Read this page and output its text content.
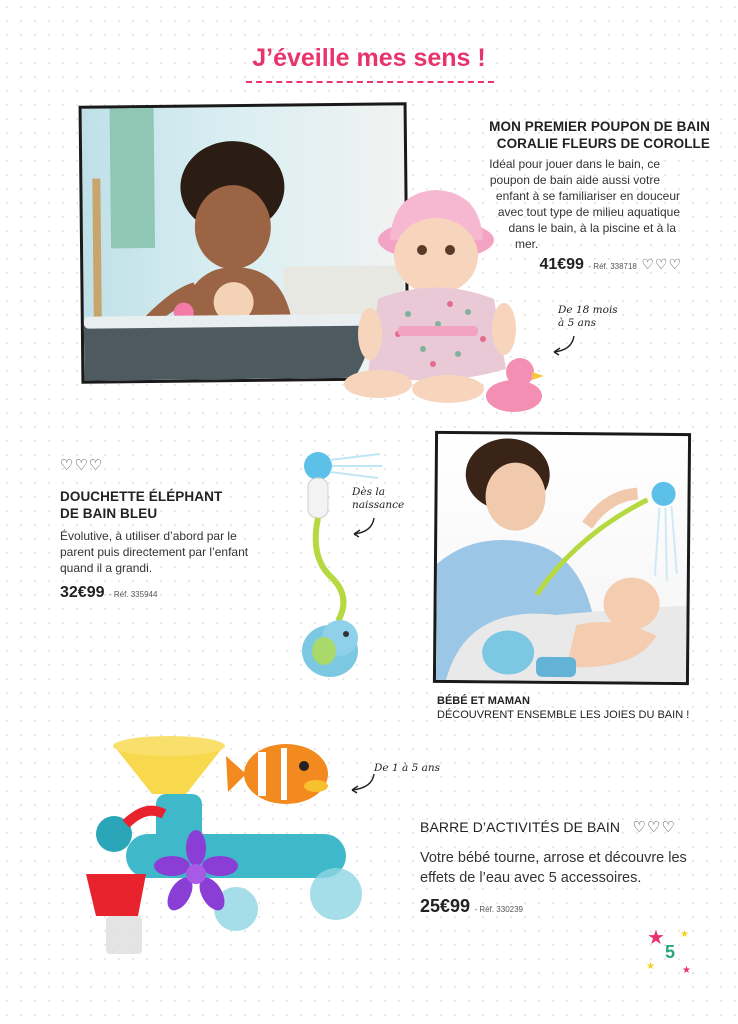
J’éveille mes sens !
MON PREMIER POUPON DE BAIN
CORALIE FLEURS DE COROLLE
Idéal pour jouer dans le bain, ce
poupon de bain aide aussi votre
enfant à se familiariser en douceur
avec tout type de milieu aquatique
dans le bain, à la piscine et à la
mer.
41€99 - Réf. 338718 ♡♡♡
De 18 mois
à 5 ans
♡♡♡
DOUCHETTE ÉLÉPHANT
DE BAIN BLEU
Évolutive, à utiliser d’abord par le
parent puis directement par l’enfant
quand il a grandi.
32€99 - Réf. 335944
Dès la
naissance
BÉBÉ ET MAMAN
DÉCOUVRENT ENSEMBLE LES JOIES DU BAIN !
De 1 à 5 ans
BARRE D’ACTIVITÉS DE BAIN ♡♡♡
Votre bébé tourne, arrose et découvre les
effets de l’eau avec 5 accessoires.
25€99 - Réf. 330239
★ ★
★	★
5
